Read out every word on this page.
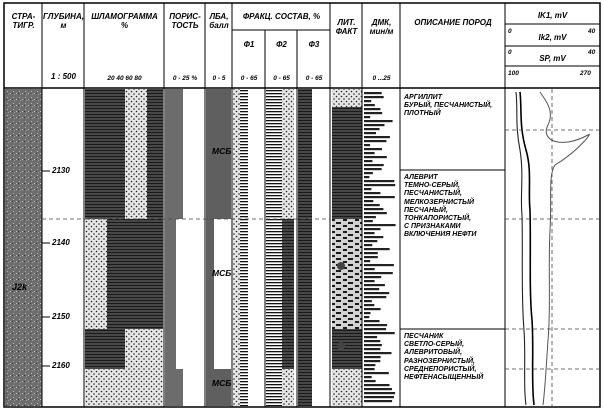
СТРА-
ТИГР.
ГЛУБИНА,
м
1 : 500
ШЛАМОГРАММА
%
20 40 60 80
ПОРИС-
ТОСТЬ
0 - 25 %
ЛБА,
балл
0 - 5
ФРАКЦ. СОСТАВ, %
Ф1	Ф2	Ф3
0 - 65	0 - 65	0 - 65
ЛИТ.
ФАКТ
ДМК,
мин/м
0 ...25
ОПИСАНИЕ ПОРОД
IK1, mV
0	40
Ik2, mV
0	40
SP, mV
100	270
2130
2140
2150
2160
J2k
МСБ
МСБ
МСБ
АРГИЛЛИТ
БУРЫЙ, ПЕСЧАНИСТЫЙ,
ПЛОТНЫЙ
АЛЕВРИТ
ТЕМНО-СЕРЫЙ,
ПЕСЧАНИСТЫЙ,
МЕЛКОЗЕРНИСТЫЙ
ПЕСЧАНЫЙ,
ТОНКАПОРИСТЫЙ,
С ПРИЗНАКАМИ
ВКЛЮЧЕНИЯ НЕФТИ
ПЕСЧАНИК
СВЕТЛО-СЕРЫЙ,
АЛЕВРИТОВЫЙ,
РАЗНОЗЕРНИСТЫЙ,
СРЕДНЕПОРИСТЫЙ,
НЕФТЕНАСЫЩЕННЫЙ
